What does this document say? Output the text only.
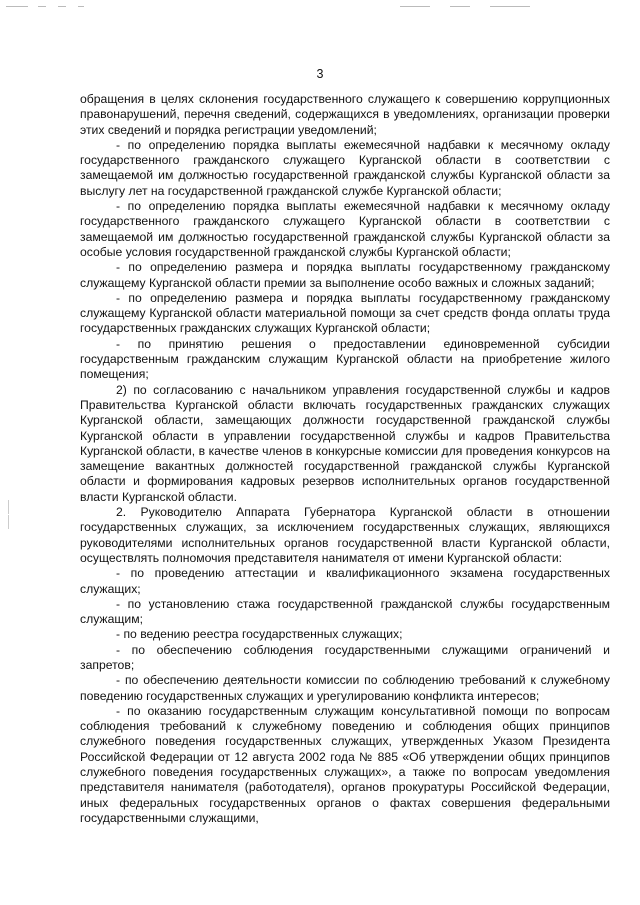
3

обращения в целях склонения государственного служащего к совершению коррупционных правонарушений, перечня сведений, содержащихся в уведомлениях, организации проверки этих сведений и порядка регистрации уведомлений;

- по определению порядка выплаты ежемесячной надбавки к месячному окладу государственного гражданского служащего Курганской области в соответствии с замещаемой им должностью государственной гражданской службы Курганской области за выслугу лет на государственной гражданской службе Курганской области;

- по определению порядка выплаты ежемесячной надбавки к месячному окладу государственного гражданского служащего Курганской области в соответствии с замещаемой им должностью государственной гражданской службы Курганской области за особые условия государственной гражданской службы Курганской области;

- по определению размера и порядка выплаты государственному гражданскому служащему Курганской области премии за выполнение особо важных и сложных заданий;

- по определению размера и порядка выплаты государственному гражданскому служащему Курганской области материальной помощи за счет средств фонда оплаты труда государственных гражданских служащих Курганской области;

- по принятию решения о предоставлении единовременной субсидии государственным гражданским служащим Курганской области на приобретение жилого помещения;

2) по согласованию с начальником управления государственной службы и кадров Правительства Курганской области включать государственных гражданских служащих Курганской области, замещающих должности государственной гражданской службы Курганской области в управлении государственной службы и кадров Правительства Курганской области, в качестве членов в конкурсные комиссии для проведения конкурсов на замещение вакантных должностей государственной гражданской службы Курганской области и формирования кадровых резервов исполнительных органов государственной власти Курганской области.

2. Руководителю Аппарата Губернатора Курганской области в отношении государственных служащих, за исключением государственных служащих, являющихся руководителями исполнительных органов государственной власти Курганской области, осуществлять полномочия представителя нанимателя от имени Курганской области:

- по проведению аттестации и квалификационного экзамена государственных служащих;

- по установлению стажа государственной гражданской службы государственным служащим;

- по ведению реестра государственных служащих;

- по обеспечению соблюдения государственными служащими ограничений и запретов;

- по обеспечению деятельности комиссии по соблюдению требований к служебному поведению государственных служащих и урегулированию конфликта интересов;

- по оказанию государственным служащим консультативной помощи по вопросам соблюдения требований к служебному поведению и соблюдения общих принципов служебного поведения государственных служащих, утвержденных Указом Президента Российской Федерации от 12 августа 2002 года № 885 «Об утверждении общих принципов служебного поведения государственных служащих», а также по вопросам уведомления представителя нанимателя (работодателя), органов прокуратуры Российской Федерации, иных федеральных государственных органов о фактах совершения федеральными государственными служащими,
